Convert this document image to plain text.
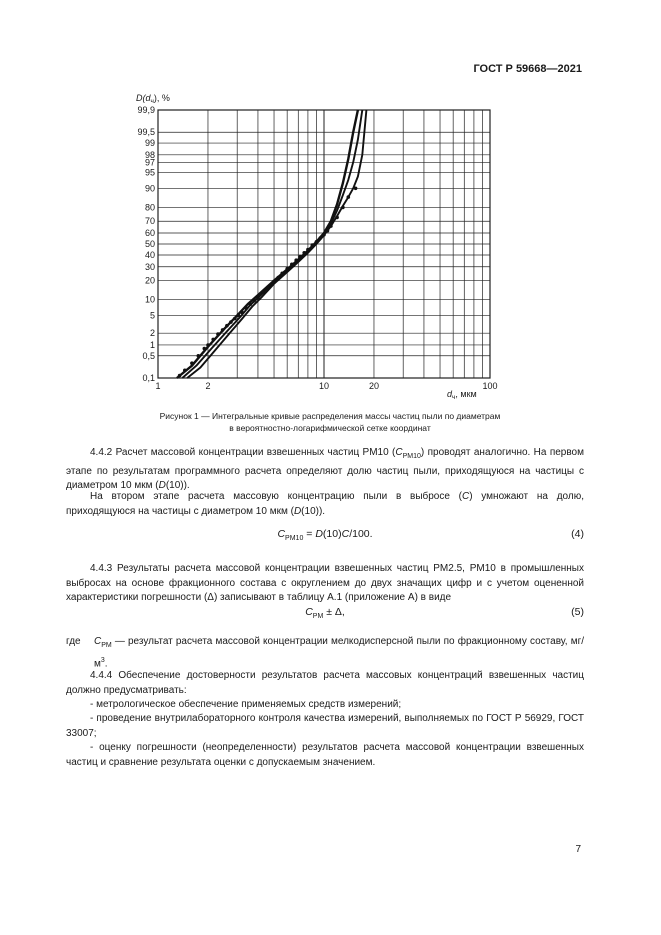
ГОСТ Р 59668—2021
0,1
0,5
1
2
5
10
20
30
40
50
60
70
80
90
95
97
98
99
99,5
99,9
1	2	10	20	100
$D(d_ч)$, %
$d_ч$, мкм
Рисунок 1 — Интегральные кривые распределения массы частиц пыли по диаметрам
в вероятностно-логарифмической сетке координат
4.4.2 Расчет массовой концентрации взвешенных частиц PM10 $(C_{PM10})$ проводят аналогично. На первом этапе по результатам программного расчета определяют долю частиц пыли, приходящуюся на частицы с диаметром 10 мкм (D(10)).
На втором этапе расчета массовую концентрацию пыли в выбросе (C) умножают на долю, приходящуюся на частицы с диаметром 10 мкм (D(10)).
$C_{PM10} = D(10)C/100$.	(4)
4.4.3 Результаты расчета массовой концентрации взвешенных частиц PM2.5, PM10 в промышленных выбросах на основе фракционного состава с округлением до двух значащих цифр и с учетом оцененной характеристики погрешности (Δ) записывают в таблицу А.1 (приложение А) в виде
$C_{PM} \pm \Delta$,	(5)
где $C_{PM}$ — результат расчета массовой концентрации мелкодисперсной пыли по фракционному составу, $мг/м^3$.
4.4.4 Обеспечение достоверности результатов расчета массовых концентраций взвешенных частиц должно предусматривать:
- метрологическое обеспечение применяемых средств измерений;
- проведение внутрилабораторного контроля качества измерений, выполняемых по ГОСТ Р 56929, ГОСТ 33007;
- оценку погрешности (неопределенности) результатов расчета массовой концентрации взвешенных частиц и сравнение результата оценки с допускаемым значением.
7
